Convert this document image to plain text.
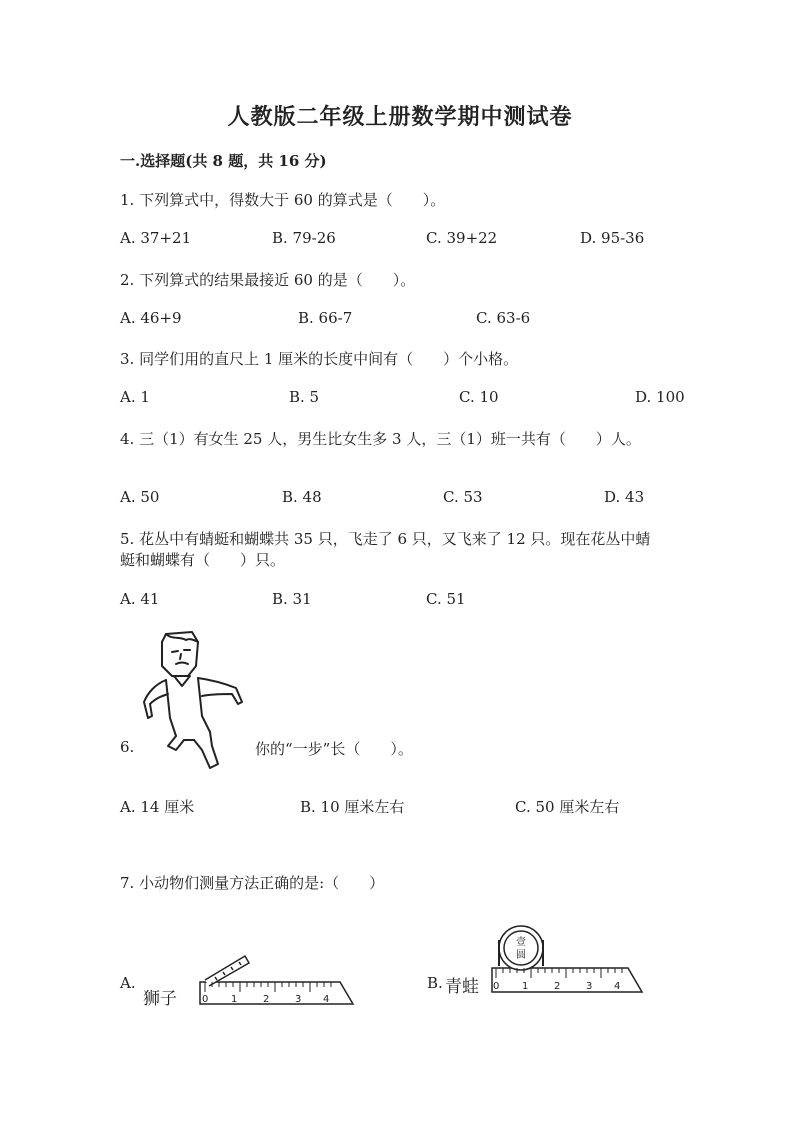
人教版二年级上册数学期中测试卷
一.选择题(共 8 题，共 16 分)
1. 下列算式中，得数大于 60 的算式是（　　）。
A. 37+21	B. 79-26	C. 39+22	D. 95-36
2. 下列算式的结果最接近 60 的是（　　）。
A. 46+9	B. 66-7	C. 63-6
3. 同学们用的直尺上 1 厘米的长度中间有（　　）个小格。
A. 1	B. 5	C. 10	D. 100
4. 三（1）有女生 25 人，男生比女生多 3 人，三（1）班一共有（　　）人。
A. 50	B. 48	C. 53	D. 43
5. 花丛中有蜻蜓和蝴蝶共 35 只，飞走了 6 只，又飞来了 12 只。现在花丛中蜻
蜓和蝴蝶有（　　）只。
A. 41	B. 31	C. 51
6.	你的“一步”长（　　）。
A. 14 厘米	B. 10 厘米左右	C. 50 厘米左右
7. 小动物们测量方法正确的是:（　　）
A.
狮子	0 1	2	3 4
B. 青蛙 0 1	2	3 4
壹
圆
